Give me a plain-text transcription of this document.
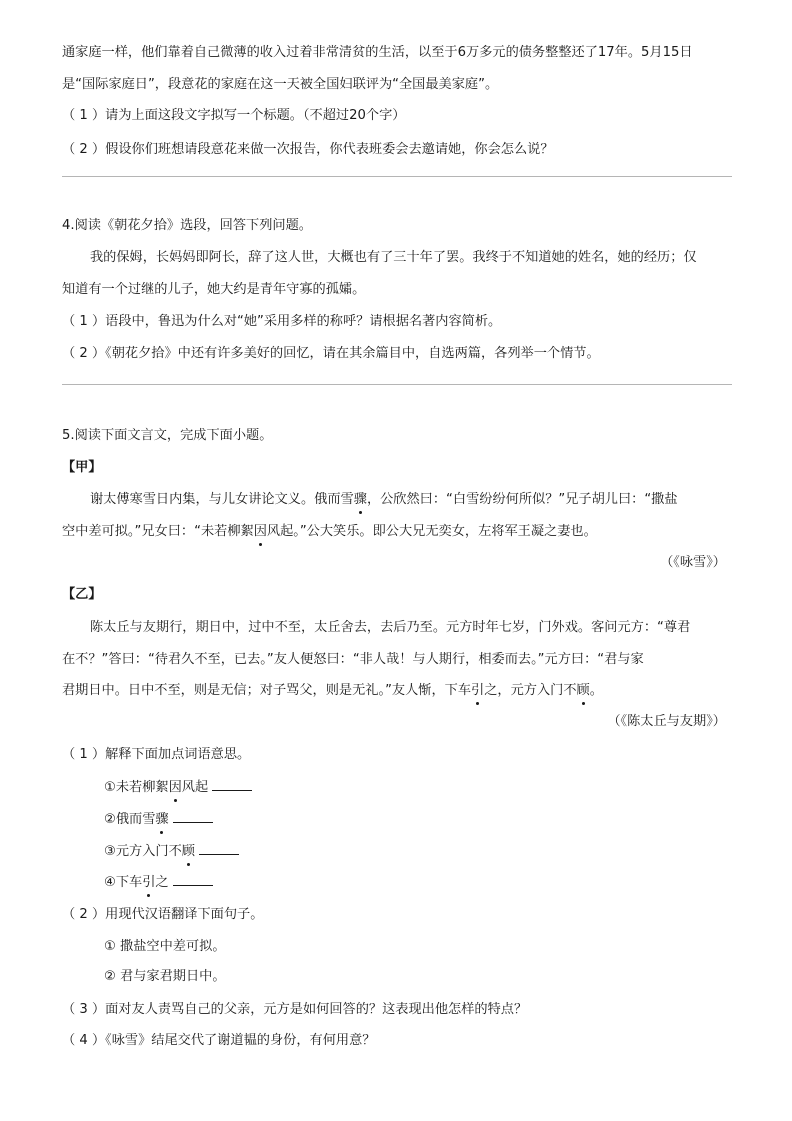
通家庭一样，他们靠着自己微薄的收入过着非常清贫的生活，以至于6万多元的债务整整还了17年。5月15日
是“国际家庭日”，段意花的家庭在这一天被全国妇联评为“全国最美家庭”。
（ 1 ）请为上面这段文字拟写一个标题。（不超过20个字）
（ 2 ）假设你们班想请段意花来做一次报告，你代表班委会去邀请她，你会怎么说？
4.阅读《朝花夕拾》选段，回答下列问题。
我的保姆，长妈妈即阿长，辞了这人世，大概也有了三十年了罢。我终于不知道她的姓名，她的经历；仅
知道有一个过继的儿子，她大约是青年守寡的孤孀。
（ 1 ）语段中，鲁迅为什么对“她”采用多样的称呼？请根据名著内容简析。
（ 2 ）《朝花夕拾》中还有许多美好的回忆，请在其余篇目中，自选两篇，各列举一个情节。
5.阅读下面文言文，完成下面小题。
【甲】
谢太傅寒雪日内集，与儿女讲论文义。俄而雪骤，公欣然曰：“白雪纷纷何所似？”兄子胡儿曰：“撒盐
空中差可拟。”兄女曰：“未若柳絮因风起。”公大笑乐。即公大兄无奕女，左将军王凝之妻也。
（《咏雪》）
【乙】
陈太丘与友期行，期日中，过中不至，太丘舍去，去后乃至。元方时年七岁，门外戏。客问元方：“尊君
在不？”答曰：“待君久不至，已去。”友人便怒曰：“非人哉！与人期行，相委而去。”元方曰：“君与家
君期日中。日中不至，则是无信；对子骂父，则是无礼。”友人惭，下车引之，元方入门不顾。
（《陈太丘与友期》）
（ 1 ）解释下面加点词语意思。
①未若柳絮因风起
②俄而雪骤
③元方入门不顾
④下车引之
（ 2 ）用现代汉语翻译下面句子。
① 撒盐空中差可拟。
② 君与家君期日中。
（ 3 ）面对友人责骂自己的父亲，元方是如何回答的？这表现出他怎样的特点？
（ 4 ）《咏雪》结尾交代了谢道韫的身份，有何用意？
